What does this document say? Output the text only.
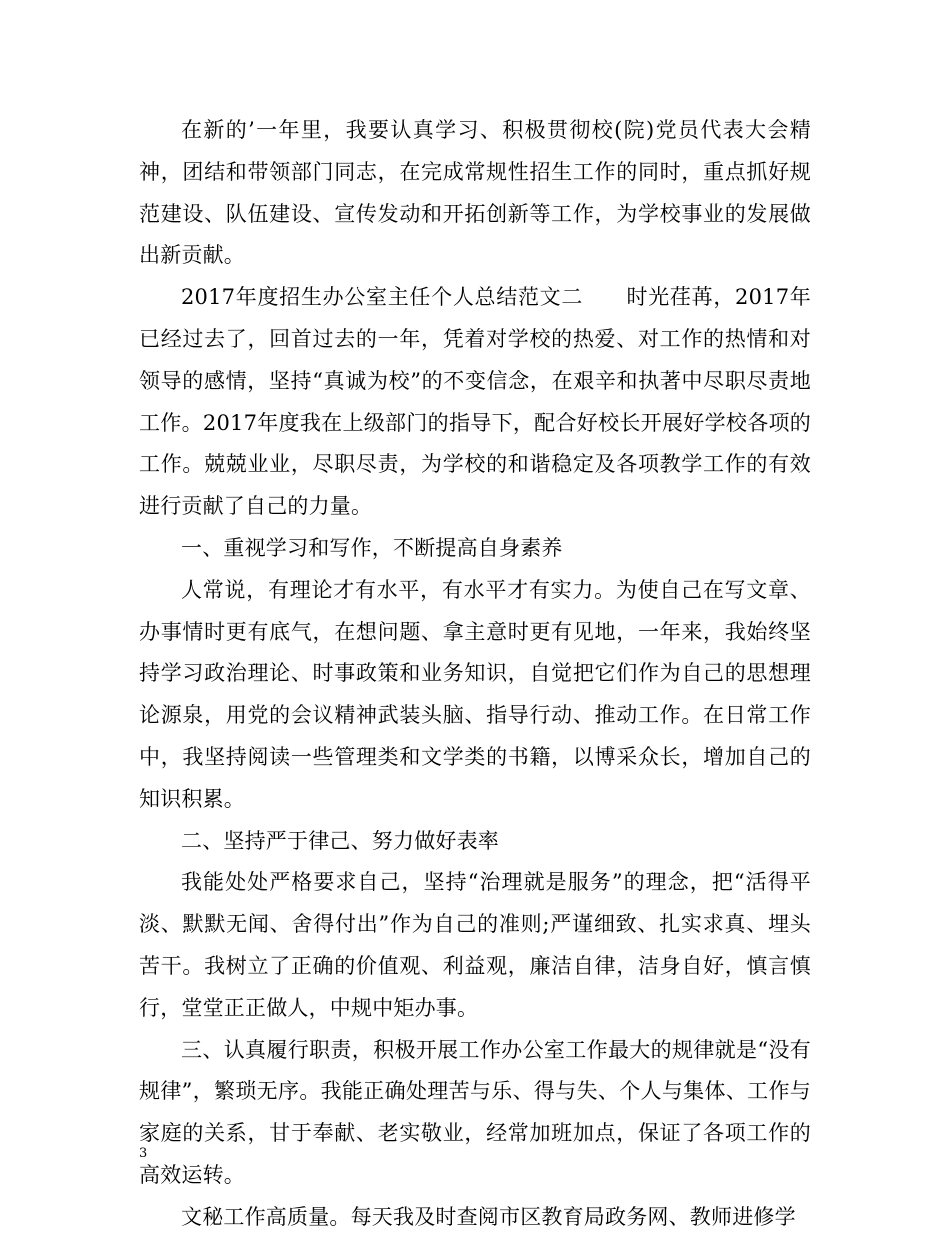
在新的’一年里，我要认真学习、积极贯彻校(院)党员代表大会精神，团结和带领部门同志，在完成常规性招生工作的同时，重点抓好规范建设、队伍建设、宣传发动和开拓创新等工作，为学校事业的发展做出新贡献。

2017年度招生办公室主任个人总结范文二　　时光荏苒，2017年已经过去了，回首过去的一年，凭着对学校的热爱、对工作的热情和对领导的感情，坚持“真诚为校”的不变信念，在艰辛和执著中尽职尽责地工作。2017年度我在上级部门的指导下，配合好校长开展好学校各项的工作。兢兢业业，尽职尽责，为学校的和谐稳定及各项教学工作的有效进行贡献了自己的力量。

一、重视学习和写作，不断提高自身素养

人常说，有理论才有水平，有水平才有实力。为使自己在写文章、办事情时更有底气，在想问题、拿主意时更有见地，一年来，我始终坚持学习政治理论、时事政策和业务知识，自觉把它们作为自己的思想理论源泉，用党的会议精神武装头脑、指导行动、推动工作。在日常工作中，我坚持阅读一些管理类和文学类的书籍，以博采众长，增加自己的知识积累。

二、坚持严于律己、努力做好表率

我能处处严格要求自己，坚持“治理就是服务”的理念，把“活得平淡、默默无闻、舍得付出”作为自己的准则;严谨细致、扎实求真、埋头苦干。我树立了正确的价值观、利益观，廉洁自律，洁身自好，慎言慎行，堂堂正正做人，中规中矩办事。

三、认真履行职责，积极开展工作办公室工作最大的规律就是“没有规律”，繁琐无序。我能正确处理苦与乐、得与失、个人与集体、工作与家庭的关系，甘于奉献、老实敬业，经常加班加点，保证了各项工作的高效运转。

文秘工作高质量。每天我及时查阅市区教育局政务网、教师进修学

3
